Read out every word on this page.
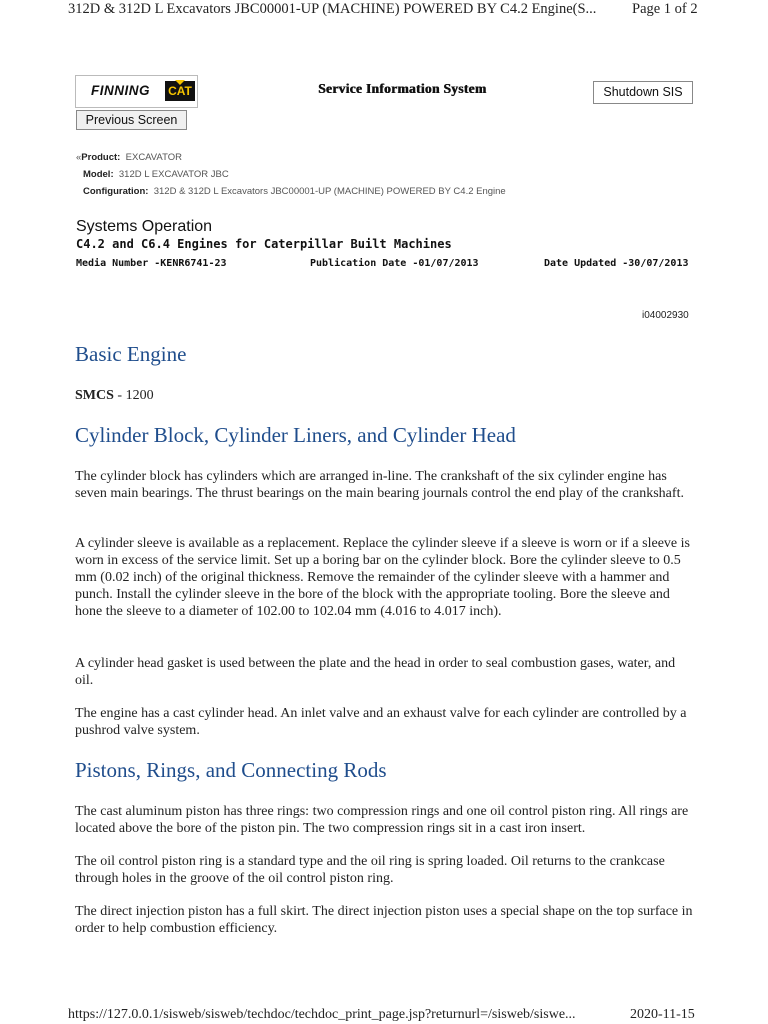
312D & 312D L Excavators JBC00001-UP (MACHINE) POWERED BY C4.2 Engine(S... Page 1 of 2
FINNING CAT
Previous Screen
Service Information System	Shutdown SIS
«Product: EXCAVATOR
Model: 312D L EXCAVATOR JBC
Configuration: 312D & 312D L Excavators JBC00001-UP (MACHINE) POWERED BY C4.2 Engine
Systems Operation
C4.2 and C6.4 Engines for Caterpillar Built Machines
Media Number -KENR6741-23	Publication Date -01/07/2013	Date Updated -30/07/2013
i04002930
Basic Engine
SMCS - 1200
Cylinder Block, Cylinder Liners, and Cylinder Head
The cylinder block has cylinders which are arranged in-line. The crankshaft of the six cylinder engine has seven main bearings. The thrust bearings on the main bearing journals control the end play of the crankshaft.
A cylinder sleeve is available as a replacement. Replace the cylinder sleeve if a sleeve is worn or if a sleeve is worn in excess of the service limit. Set up a boring bar on the cylinder block. Bore the cylinder sleeve to 0.5 mm (0.02 inch) of the original thickness. Remove the remainder of the cylinder sleeve with a hammer and punch. Install the cylinder sleeve in the bore of the block with the appropriate tooling. Bore the sleeve and hone the sleeve to a diameter of 102.00 to 102.04 mm (4.016 to 4.017 inch).
A cylinder head gasket is used between the plate and the head in order to seal combustion gases, water, and oil.
The engine has a cast cylinder head. An inlet valve and an exhaust valve for each cylinder are controlled by a pushrod valve system.
Pistons, Rings, and Connecting Rods
The cast aluminum piston has three rings: two compression rings and one oil control piston ring. All rings are located above the bore of the piston pin. The two compression rings sit in a cast iron insert.
The oil control piston ring is a standard type and the oil ring is spring loaded. Oil returns to the crankcase through holes in the groove of the oil control piston ring.
The direct injection piston has a full skirt. The direct injection piston uses a special shape on the top surface in order to help combustion efficiency.
https://127.0.0.1/sisweb/sisweb/techdoc/techdoc_print_page.jsp?returnurl=/sisweb/siswe...	2020-11-15
